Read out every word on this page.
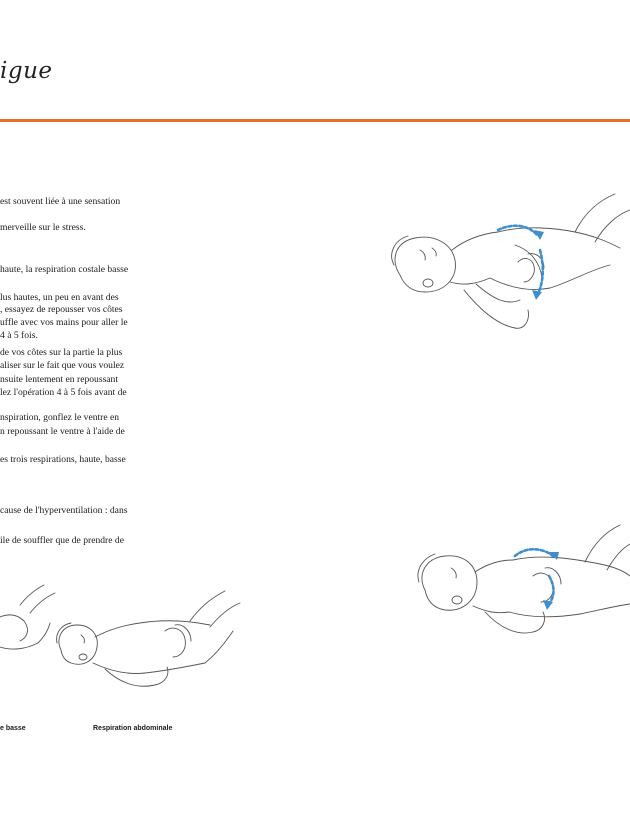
igue
est souvent liée à une sensation
merveille sur le stress.
haute, la respiration costale basse
lus hautes, un peu en avant des
, essayez de repousser vos côtes
uffle avec vos mains pour aller le
4 à 5 fois.
de vos côtes sur la partie la plus
aliser sur le fait que vous voulez
nsuite lentement en repoussant
lez l'opération 4 à 5 fois avant de
nspiration, gonflez le ventre en
n repoussant le ventre à l'aide de
es trois respirations, haute, basse
cause de l'hyperventilation : dans
ile de souffler que de prendre de
e basse	Respiration abdominale
